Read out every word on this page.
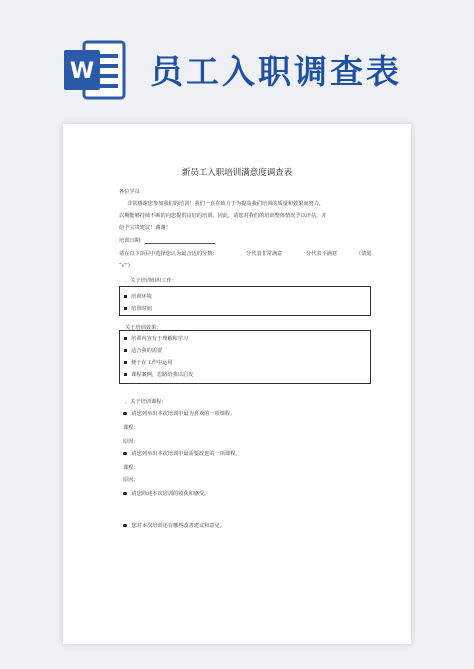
W 员工入职调查表
新员工入职培训满意度调查表
各位学员
非常感谢您参加我们的培训！我们一直在致力于为提高我们培训的质量和效果而努力，
以期能够持续不断的向您提供良好的培训。因此，请您对我们的培训整体情况予以评估，并
给予宝贵建议！谢谢！
培训日期：
请在以下项目中选择您认为最合适的分数：	分代表非常满意	分代表不满意	（请划
“√”）
、关于培训组织工作：
培训环境
培训时间
关于培训效果：
培训内容有于理解和学习
适合我的需要
便于在工作中运用
课程案例，思路给我以启发
、关于培训课程：
请您列举出本次培训中最为喜欢的一项课程。
课程：
原因：
请您列举出本次培训中最需要改进的一项课程。
课程：
原因：
请您简述本次培训的收获和感受。
您对本次培训还有哪些改善建议和意见。
